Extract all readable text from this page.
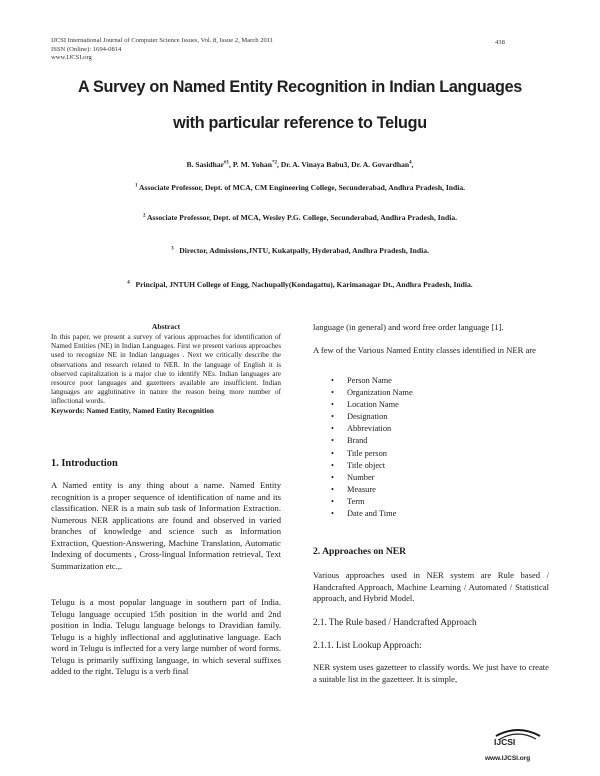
IJCSI International Journal of Computer Science Issues, Vol. 8, Issue 2, March 2011
ISSN (Online): 1694-0814
www.IJCSI.org
438
A Survey on Named Entity Recognition in Indian Languages
with particular reference to Telugu
B. Sasidhar$^{\#1}$, P. M. Yohan$^{*2}$, Dr. A. Vinaya Babu3, Dr. A. Govardhan$^4$,
$^1$ Associate Professor, Dept. of MCA, CM Engineering College, Secunderabad, Andhra Pradesh, India.
$^2$ Associate Professor, Dept. of MCA, Wesley P.G. College, Secunderabad, Andhra Pradesh, India.
$^3$ Director, Admissions,JNTU, Kukatpally, Hyderabad, Andhra Pradesh, India.
$^4$ Principal, JNTUH College of Engg, Nachupally(Kondagattu), Karimanagar Dt., Andhra Pradesh, India.
Abstract
In this paper, we present a survey of various approaches for identification of Named Entities (NE) in Indian Languages. First we present various approaches used to recognize NE in Indian languages . Next we critically describe the observations and research related to NER. In the language of English it is observed capitalization is a major clue to identify NEs. Indian languages are resource poor languages and gazetteers available are insufficient. Indian languages are agglutinative in nature the reason being more number of inflectional words.
Keywords: Named Entity, Named Entity Recognition
1. Introduction
A Named entity is any thing about a name. Named Entity recognition is a proper sequence of identification of name and its classification. NER is a main sub task of Information Extraction. Numerous NER applications are found and observed in varied branches of knowledge and science such as Information Extraction, Question-Answering, Machine Translation, Automatic Indexing of documents , Cross-lingual Information retrieval, Text Summarization etc.,.
Telugu is a most popular language in southern part of India. Telugu language occupied 15th position in the world and 2nd position in India. Telugu language belongs to Dravidian family. Telugu is a highly inflectional and agglutinative language. Each word in Telugu is inflected for a very large number of word forms. Telugu is primarily suffixing language, in which several suffixes added to the right. Telugu is a verb final
language (in general) and word free order language [1].
A few of the Various Named Entity classes identified in NER are
• Person Name
• Organization Name
• Location Name
• Designation
• Abbreviation
• Brand
• Title person
• Title object
• Number
• Measure
• Term
• Date and Time
2. Approaches on NER
Various approaches used in NER system are Rule based / Handcrafted Approach, Machine Learning / Automated / Statistical approach, and Hybrid Model.
2.1. The Rule based / Handcrafted Approach
2.1.1. List Lookup Approach:
NER system uses gazetteer to classify words. We just have to create a suitable list in the gazetteer. It is simple,
IJCSI
www.IJCSI.org
